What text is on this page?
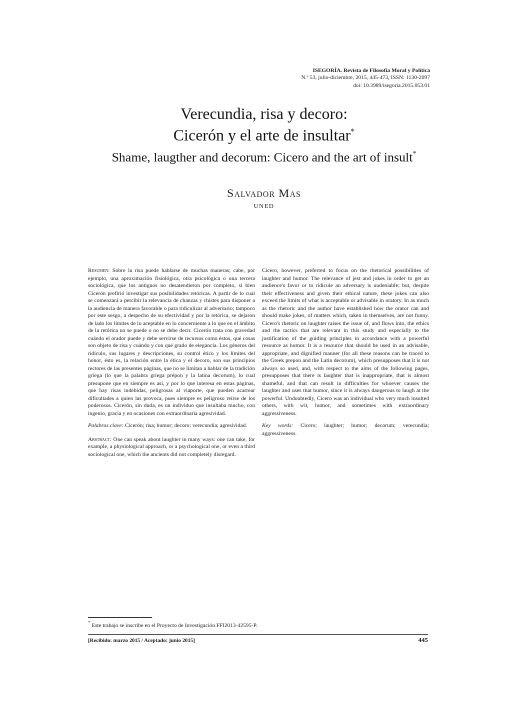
ISEGORÍA. Revista de Filosofía Moral y Política
N.º 53, julio-diciembre, 2015, 445-473, ISSN: 1130-2097
doi: 10.3989/isegoria.2015.053.01
Verecundia, risa y decoro:
Cicerón y el arte de insultar*
Shame, laugther and decorum: Cicero and the art of insult*
Salvador Mas
UNED
Resumen: Sobre la risa puede hablarse de muchas maneras; cabe, por ejemplo, una aproximación fisiológica, otra psicológica o una tercera sociológica, que los antiguos no desatendieron por completo, si bien Cicerón prefirió investigar sus posibilidades retóricas. A partir de lo cual se comenzará a percibir la relevancia de chanzas y chistes para disponer a la audiencia de manera favorable o para ridiculizar al adversario; tampoco por este sesgo, a despecho de su efectividad y por la retórica, se dejaron de lado los límites de lo aceptable en lo concerniente a lo que en el ámbito de la retórica no se puede o no se debe decir. Cicerón trata con gravedad cuándo el orador puede y debe servirse de recursos como éstos, qué cosas son objeto de risa y cuándo y con qué grado de elegancia. Los géneros del ridículo, sus lugares y descripciones, su control ético y los límites del honor, ésto es, la relación entre la ética y el decoro, son sus principios rectores de las presentes páginas, que no se limitan a hablar de la tradición griega (lo que la palabra griega prépon y la latina decorum), lo cual presupone que en siempre es así, y por lo que interesa en estas páginas, que hay risas indebidas, peligrosas al viaporte, que pueden acarrear dificultades a quien las provoca, pues siempre es peligroso reírse de los poderosos. Cicerón, sin duda, es un individuo que insultaba mucho, con ingenio, gracia y en ocasiones con extraordinaria agresividad.
Palabras clave: Cicerón; risa; humor; decoro; verecundia; agresividad.
Abstract: One can speak about laughter in many ways: one can take, for example, a physiological approach, or a psychological one, or even a third sociological one, which the ancients did not completely disregard.
Cicero, however, preferred to focus on the rhetorical possibilities of laughter and humor. The relevance of jest and jokes in order to get an audience's favor or to ridicule an adversary is undeniable; but, despite their effectiveness and given their ethical nature, these jokes can also exceed the limits of what is acceptable or advisable in oratory. In as much as the rhetoric and the author have established how the orator can and should make jokes, of matters which, taken in themselves, are not funny. Cicero's rhetoric on laughter raises the issue of, and flows into, the ethics and the tactics that are relevant in this study and especially to the justification of the guiding principles in accordance with a powerful resource as humor. It is a resource that should be used in an advisable, appropriate, and dignified manner (for all these reasons can be traced to the Greek prepon and the Latin decorum), which presupposes that it is not always so used, and, with respect to the aims of the following pages, presupposes that there is laughter that is inappropriate, that is almost shameful, and that can result in difficulties for whoever causes the laughter and uses that humor, since it is always dangerous to laugh at the powerful. Undoubtedly, Cicero was an individual who very much insulted others, with wit, humor, and sometimes with extraordinary aggressiveness.
Key words: Cicero; laughter; humor; decorum; verecundia; aggressiveness.
* Este trabajo se inscribe en el Proyecto de Investigación FFI2013-42595-P.
[Recibido: marzo 2015 / Aceptado: junio 2015]	445
